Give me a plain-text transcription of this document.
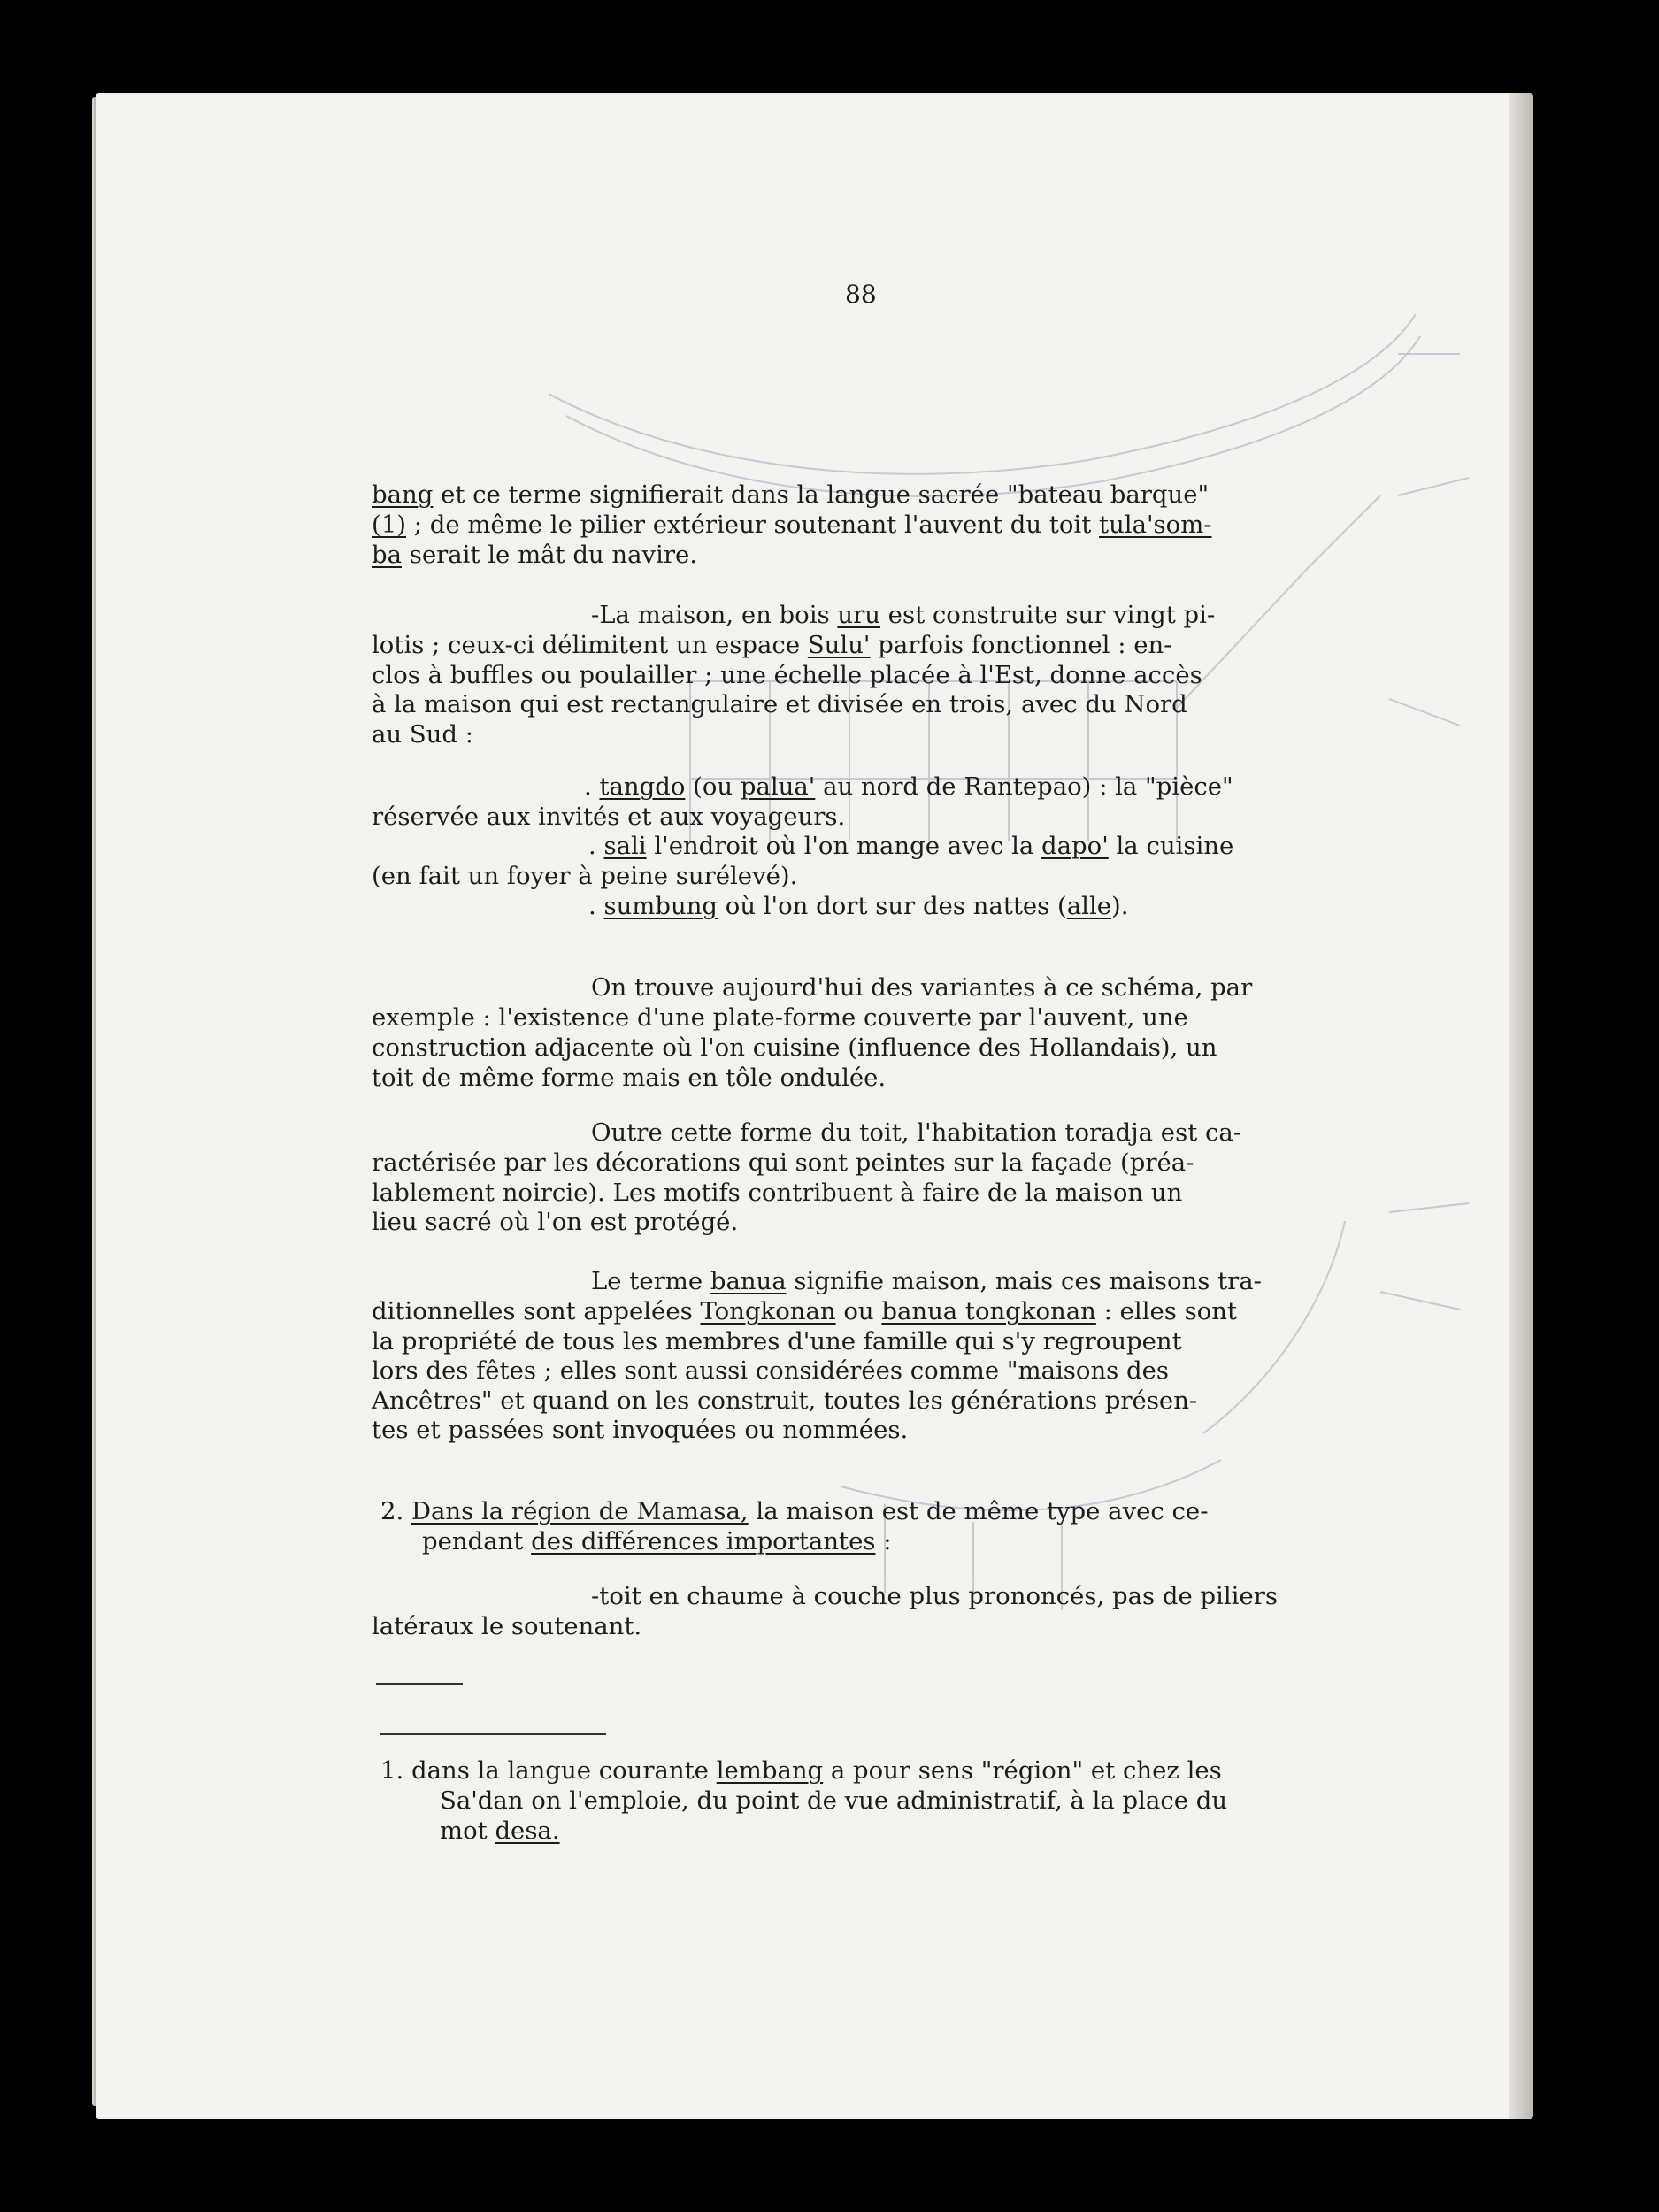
88

bang et ce terme signifierait dans la langue sacrée "bateau barque"

(1) ; de même le pilier extérieur soutenant l'auvent du toit tula'som-

ba serait le mât du navire.

-La maison, en bois uru est construite sur vingt pi-

lotis ; ceux-ci délimitent un espace Sulu' parfois fonctionnel : en-

clos à buffles ou poulailler ; une échelle placée à l'Est, donne accès

à la maison qui est rectangulaire et divisée en trois, avec du Nord

au Sud :

. tangdo (ou palua' au nord de Rantepao) : la "pièce"

réservée aux invités et aux voyageurs.

. sali l'endroit où l'on mange avec la dapo' la cuisine

(en fait un foyer à peine surélevé).

. sumbung où l'on dort sur des nattes (alle).

On trouve aujourd'hui des variantes à ce schéma, par

exemple : l'existence d'une plate-forme couverte par l'auvent, une

construction adjacente où l'on cuisine (influence des Hollandais), un

toit de même forme mais en tôle ondulée.

Outre cette forme du toit, l'habitation toradja est ca-

ractérisée par les décorations qui sont peintes sur la façade (préa-

lablement noircie). Les motifs contribuent à faire de la maison un

lieu sacré où l'on est protégé.

Le terme banua signifie maison, mais ces maisons tra-

ditionnelles sont appelées Tongkonan ou banua tongkonan : elles sont

la propriété de tous les membres d'une famille qui s'y regroupent

lors des fêtes ; elles sont aussi considérées comme "maisons des

Ancêtres" et quand on les construit, toutes les générations présen-

tes et passées sont invoquées ou nommées.

2. Dans la région de Mamasa, la maison est de même type avec ce-

pendant des différences importantes :

-toit en chaume à couche plus prononcés, pas de piliers

latéraux le soutenant.

1. dans la langue courante lembang a pour sens "région" et chez les

Sa'dan on l'emploie, du point de vue administratif, à la place du

mot desa.
